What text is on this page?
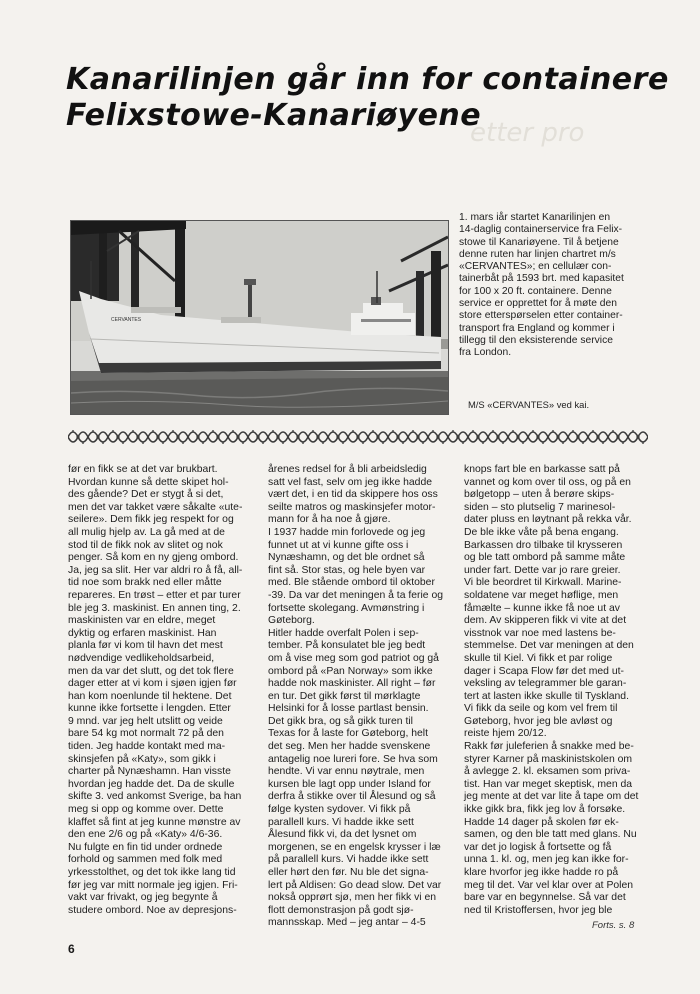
etter pro
Kanarilinjen går inn for containere
Felixstowe-Kanariøyene
CERVANTES
1. mars iår startet Kanarilinjen en
14-daglig containerservice fra Felix-
stowe til Kanariøyene. Til å betjene
denne ruten har linjen chartret m/s
«CERVANTES»; en cellulær con-
tainerbåt på 1593 brt. med kapasitet
for 100 x 20 ft. containere. Denne
service er opprettet for å møte den
store etterspørselen etter container-
transport fra England og kommer i
tillegg til den eksisterende service
fra London.
M/S «CERVANTES» ved kai.
før en fikk se at det var brukbart.
Hvordan kunne så dette skipet hol-
des gående? Det er stygt å si det,
men det var takket være såkalte «ute-
seilere». Dem fikk jeg respekt for og
all mulig hjelp av. La gå med at de
stod til de fikk nok av slitet og nok
penger. Så kom en ny gjeng ombord.
Ja, jeg sa slit. Her var aldri ro å få, all-
tid noe som brakk ned eller måtte
repareres. En trøst – etter et par turer
ble jeg 3. maskinist. En annen ting, 2.
maskinisten var en eldre, meget
dyktig og erfaren maskinist. Han
planla før vi kom til havn det mest
nødvendige vedlikeholdsarbeid,
men da var det slutt, og det tok flere
dager etter at vi kom i sjøen igjen før
han kom noenlunde til hektene. Det
kunne ikke fortsette i lengden. Etter
9 mnd. var jeg helt utslitt og veide
bare 54 kg mot normalt 72 på den
tiden. Jeg hadde kontakt med ma-
skinsjefen på «Katy», som gikk i
charter på Nynæshamn. Han visste
hvordan jeg hadde det. Da de skulle
skifte 3. ved ankomst Sverige, ba han
meg si opp og komme over. Dette
klaffet så fint at jeg kunne mønstre av
den ene 2/6 og på «Katy» 4/6-36.
Nu fulgte en fin tid under ordnede
forhold og sammen med folk med
yrkesstolthet, og det tok ikke lang tid
før jeg var mitt normale jeg igjen. Fri-
vakt var frivakt, og jeg begynte å
studere ombord. Noe av depresjons-
årenes redsel for å bli arbeidsledig
satt vel fast, selv om jeg ikke hadde
vært det, i en tid da skippere hos oss
seilte matros og maskinsjefer motor-
mann for å ha noe å gjøre.
I 1937 hadde min forlovede og jeg
funnet ut at vi kunne gifte oss i
Nynæshamn, og det ble ordnet så
fint så. Stor stas, og hele byen var
med. Ble stående ombord til oktober
-39. Da var det meningen å ta ferie og
fortsette skolegang. Avmønstring i
Gøteborg.
Hitler hadde overfalt Polen i sep-
tember. På konsulatet ble jeg bedt
om å vise meg som god patriot og gå
ombord på «Pan Norway» som ikke
hadde nok maskinister. All right – før
en tur. Det gikk først til mørklagte
Helsinki for å losse partlast bensin.
Det gikk bra, og så gikk turen til
Texas for å laste for Gøteborg, helt
det seg. Men her hadde svenskene
antagelig noe lureri fore. Se hva som
hendte. Vi var ennu nøytrale, men
kursen ble lagt opp under Island for
derfra å stikke over til Ålesund og så
følge kysten sydover. Vi fikk på
parallell kurs. Vi hadde ikke sett
Ålesund fikk vi, da det lysnet om
morgenen, se en engelsk krysser i læ
på parallell kurs. Vi hadde ikke sett
eller hørt den før. Nu ble det signa-
lert på Aldisen: Go dead slow. Det var
nokså opprørt sjø, men her fikk vi en
flott demonstrasjon på godt sjø-
mannsskap. Med – jeg antar – 4-5
knops fart ble en barkasse satt på
vannet og kom over til oss, og på en
bølgetopp – uten å berøre skips-
siden – sto plutselig 7 marinesol-
dater pluss en løytnant på rekka vår.
De ble ikke våte på bena engang.
Barkassen dro tilbake til krysseren
og ble tatt ombord på samme måte
under fart. Dette var jo rare greier.
Vi ble beordret til Kirkwall. Marine-
soldatene var meget høflige, men
fåmælte – kunne ikke få noe ut av
dem. Av skipperen fikk vi vite at det
visstnok var noe med lastens be-
stemmelse. Det var meningen at den
skulle til Kiel. Vi fikk et par rolige
dager i Scapa Flow før det med ut-
veksling av telegrammer ble garan-
tert at lasten ikke skulle til Tyskland.
Vi fikk da seile og kom vel frem til
Gøteborg, hvor jeg ble avløst og
reiste hjem 20/12.
Rakk før juleferien å snakke med be-
styrer Karner på maskinistskolen om
å avlegge 2. kl. eksamen som priva-
tist. Han var meget skeptisk, men da
jeg mente at det var lite å tape om det
ikke gikk bra, fikk jeg lov å forsøke.
Hadde 14 dager på skolen før ek-
samen, og den ble tatt med glans. Nu
var det jo logisk å fortsette og få
unna 1. kl. og, men jeg kan ikke for-
klare hvorfor jeg ikke hadde ro på
meg til det. Var vel klar over at Polen
bare var en begynnelse. Så var det
ned til Kristoffersen, hvor jeg ble
Forts. s. 8
6
